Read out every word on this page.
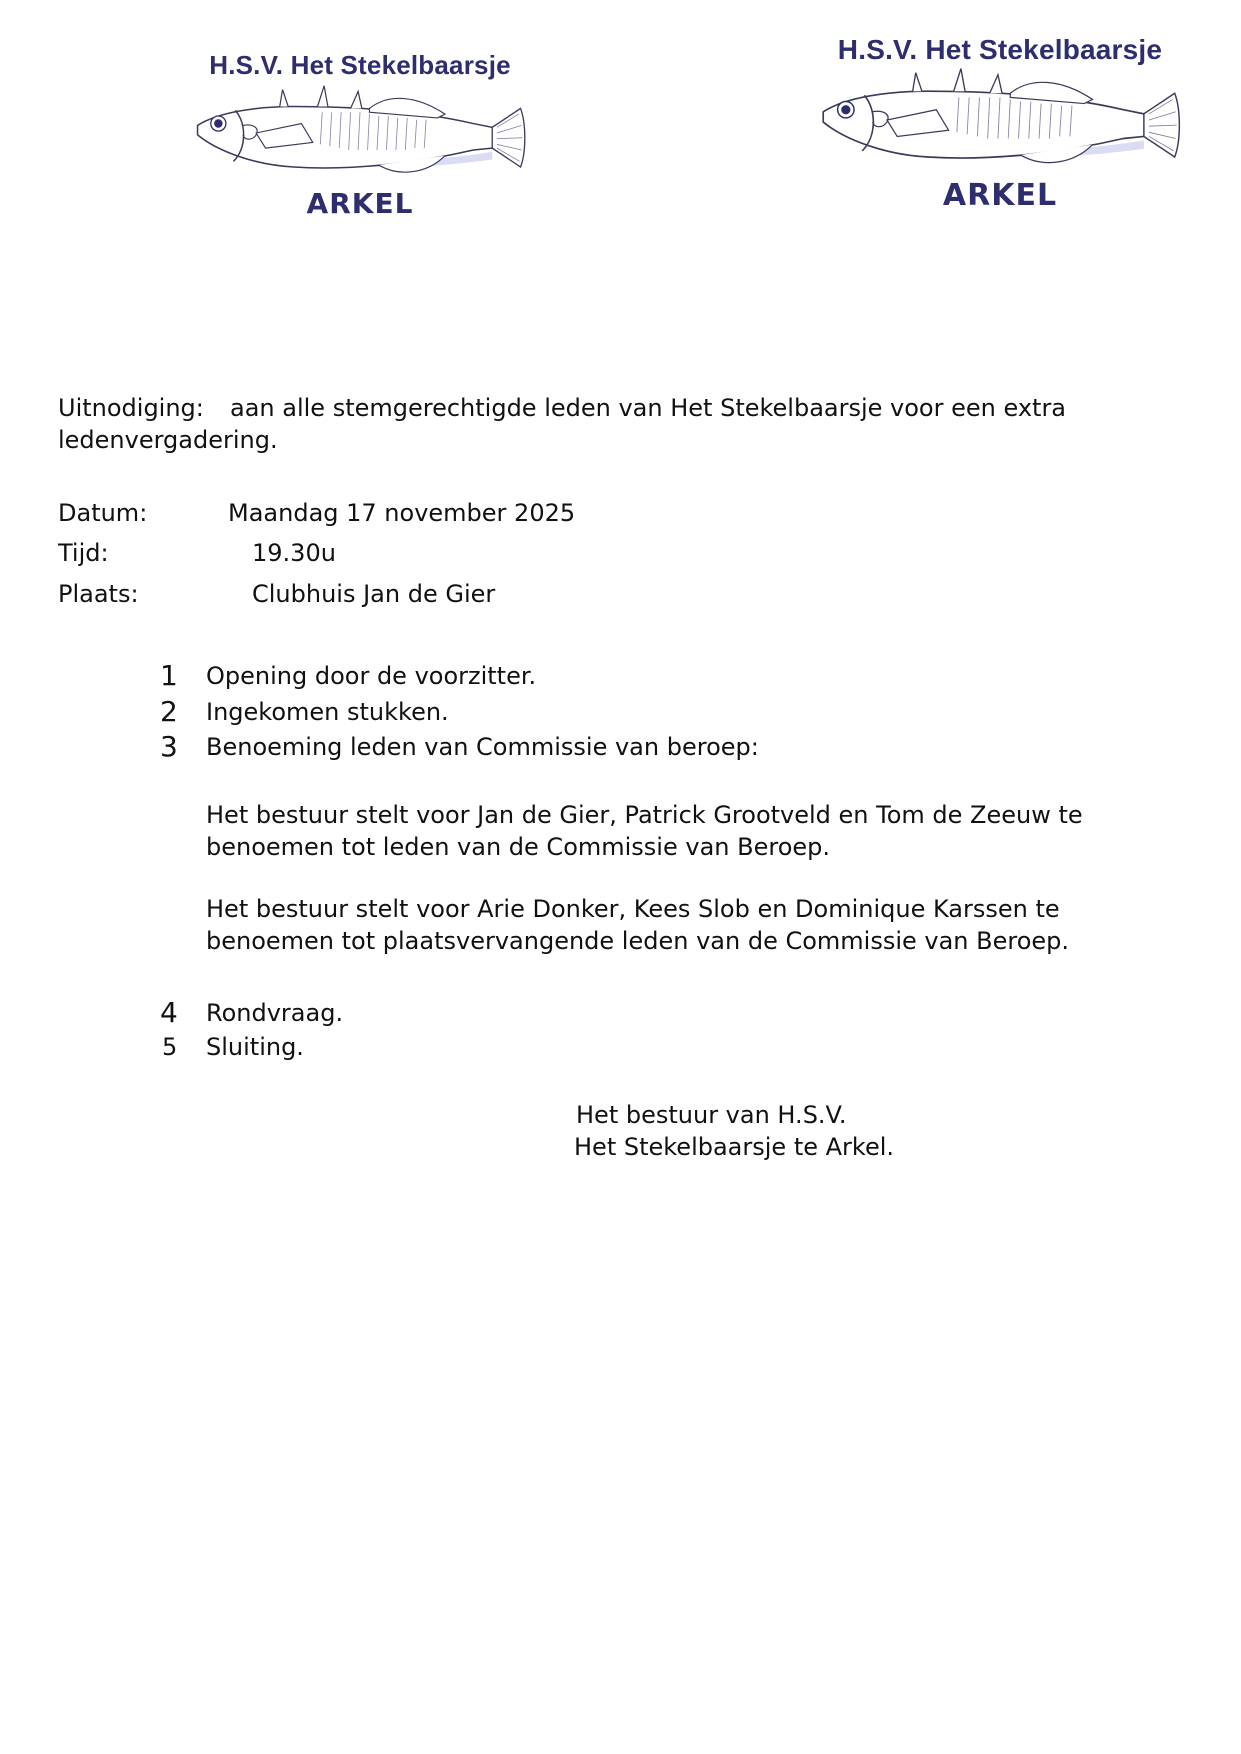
H.S.V. Het Stekelbaarsje
ARKEL
H.S.V. Het Stekelbaarsje
ARKEL
Uitnodiging: aan alle stemgerechtigde leden van Het Stekelbaarsje voor een extra
ledenvergadering.
Datum:	Maandag 17 november 2025
Tijd:	19.30u
Plaats:	Clubhuis Jan de Gier
1 Opening door de voorzitter.
2 Ingekomen stukken.
3 Benoeming leden van Commissie van beroep:
Het bestuur stelt voor Jan de Gier, Patrick Grootveld en Tom de Zeeuw te
benoemen tot leden van de Commissie van Beroep.
Het bestuur stelt voor Arie Donker, Kees Slob en Dominique Karssen te
benoemen tot plaatsvervangende leden van de Commissie van Beroep.
4 Rondvraag.
5 Sluiting.
Het bestuur van H.S.V.
Het Stekelbaarsje te Arkel.
